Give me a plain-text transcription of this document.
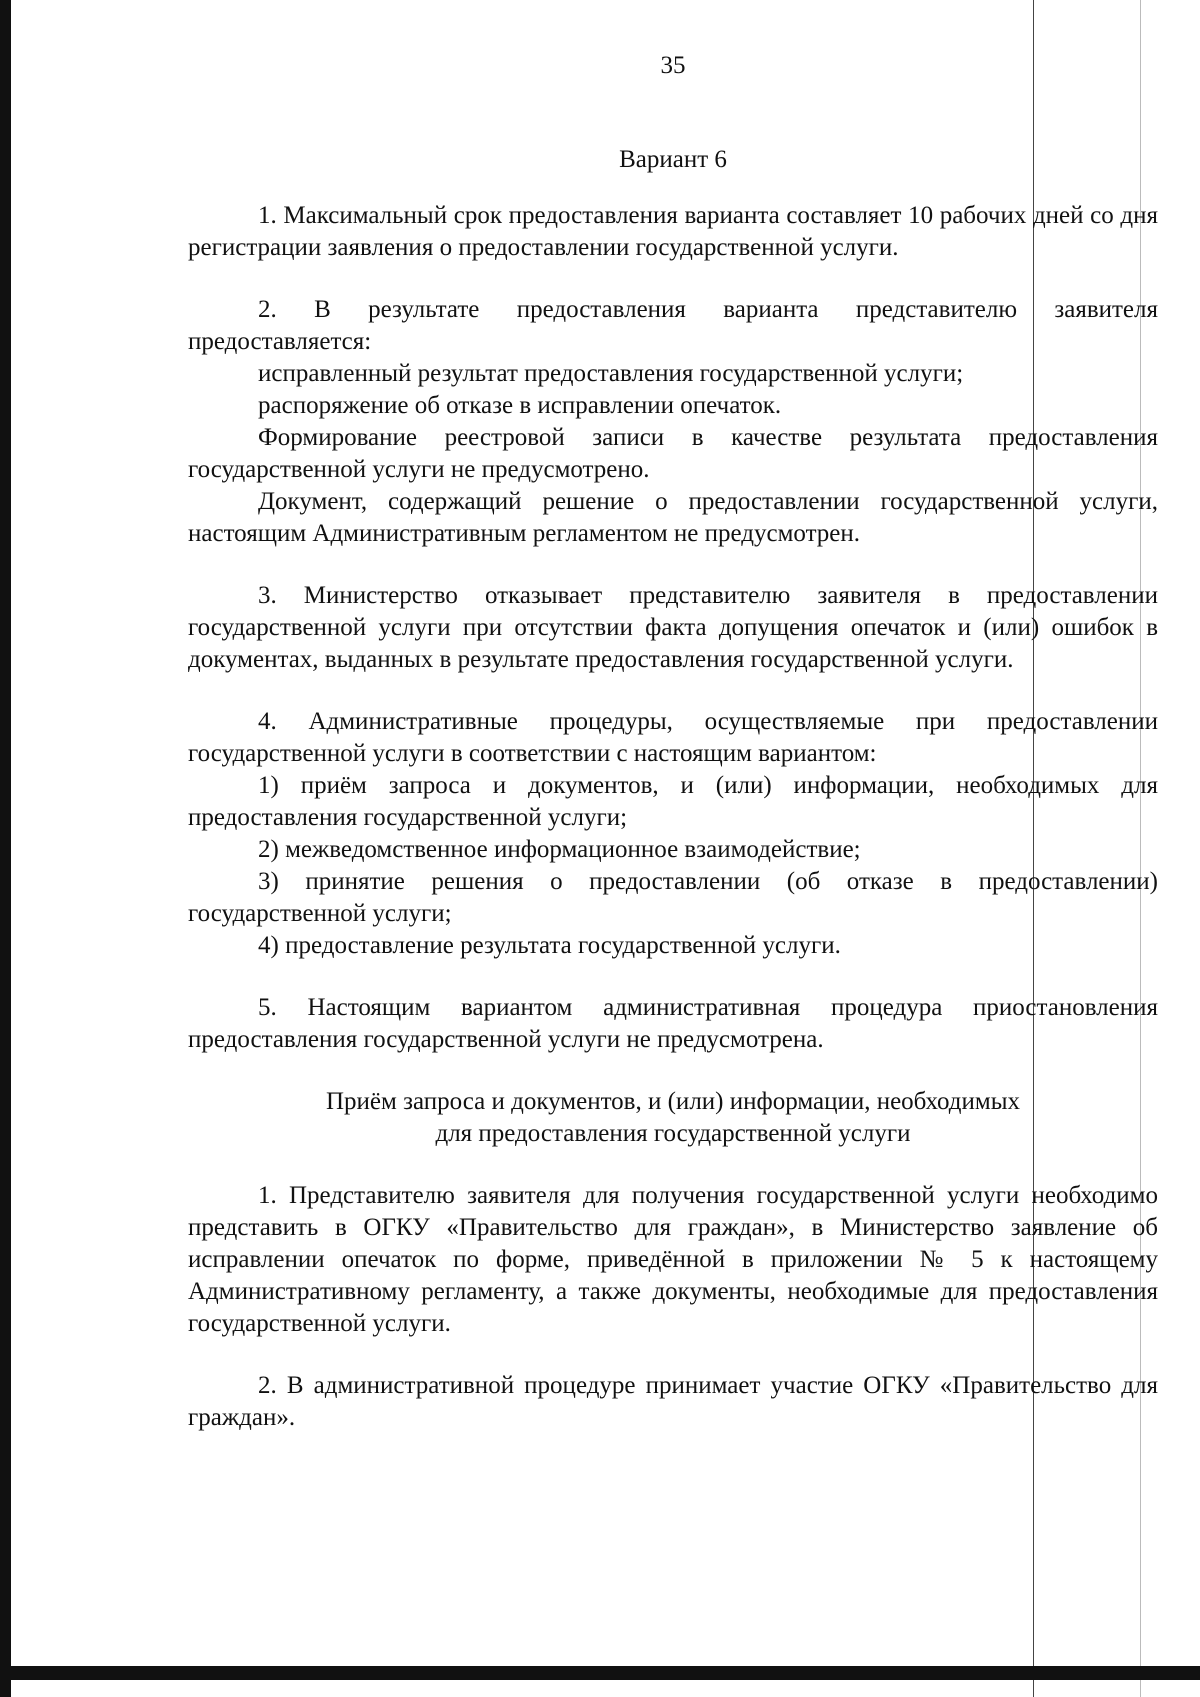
35
Вариант 6

1. Максимальный срок предоставления варианта составляет 10 рабочих дней со дня регистрации заявления о предоставлении государственной услуги.

2. В результате предоставления варианта представителю заявителя предоставляется:

исправленный результат предоставления государственной услуги;

распоряжение об отказе в исправлении опечаток.

Формирование реестровой записи в качестве результата предоставления государственной услуги не предусмотрено.

Документ, содержащий решение о предоставлении государственной услуги, настоящим Административным регламентом не предусмотрен.

3. Министерство отказывает представителю заявителя в предоставлении государственной услуги при отсутствии факта допущения опечаток и (или) ошибок в документах, выданных в результате предоставления государственной услуги.

4. Административные процедуры, осуществляемые при предоставлении государственной услуги в соответствии с настоящим вариантом:

1) приём запроса и документов, и (или) информации, необходимых для предоставления государственной услуги;

2) межведомственное информационное взаимодействие;

3) принятие решения о предоставлении (об отказе в предоставлении) государственной услуги;

4) предоставление результата государственной услуги.

5. Настоящим вариантом административная процедура приостановления предоставления государственной услуги не предусмотрена.

Приём запроса и документов, и (или) информации, необходимых
для предоставления государственной услуги

1. Представителю заявителя для получения государственной услуги необходимо представить в ОГКУ «Правительство для граждан», в Министерство заявление об исправлении опечаток по форме, приведённой в приложении № 5 к настоящему Административному регламенту, а также документы, необходимые для предоставления государственной услуги.

2. В административной процедуре принимает участие ОГКУ «Правительство для граждан».
